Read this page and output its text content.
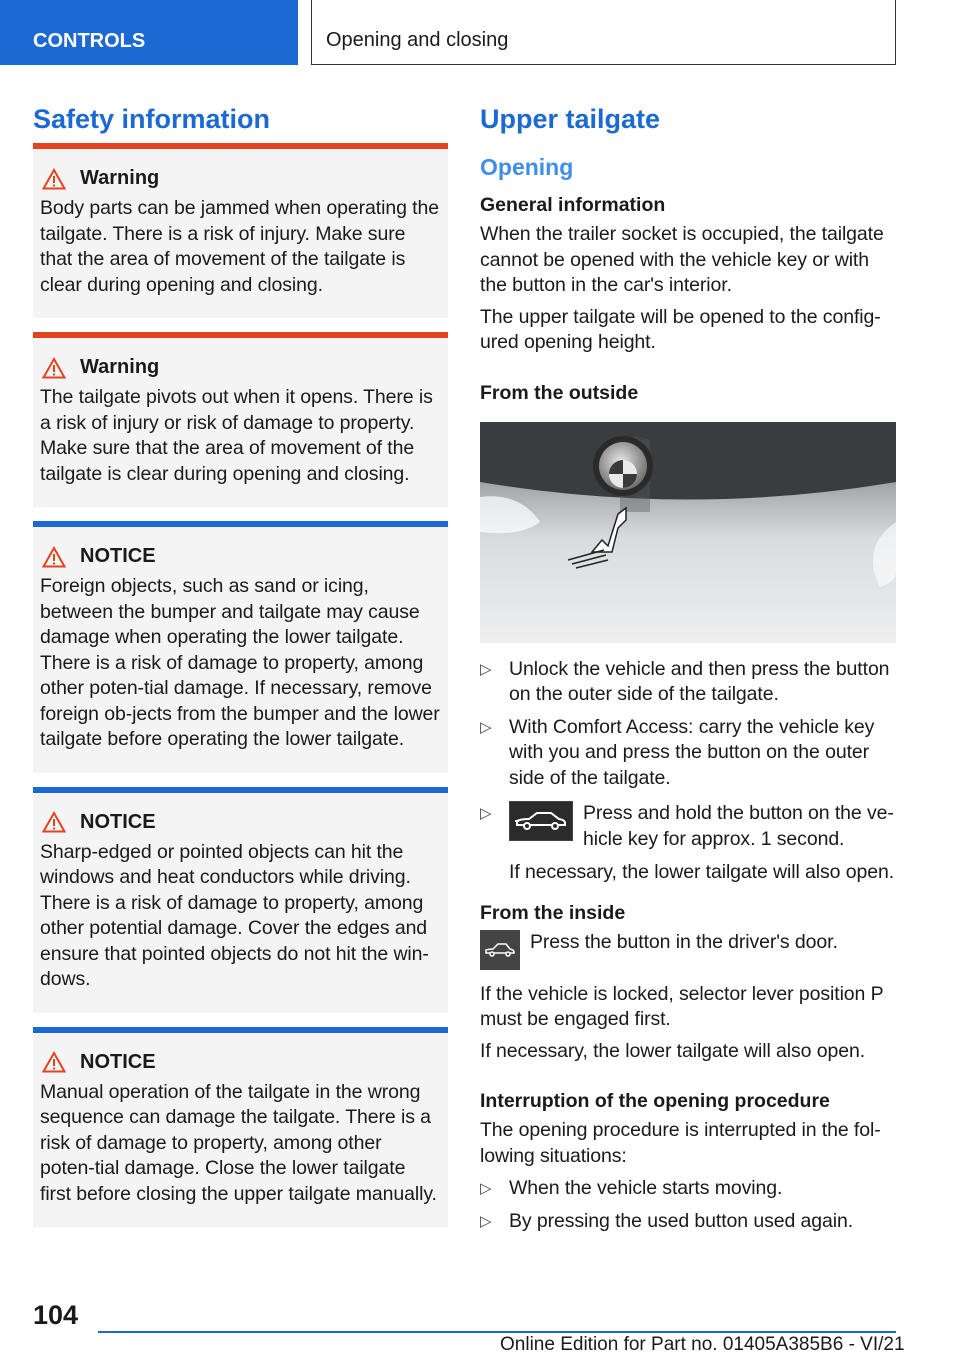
CONTROLS	Opening and closing
Safety information
Warning
Body parts can be jammed when operating the tailgate. There is a risk of injury. Make sure that the area of movement of the tailgate is clear during opening and closing.
Warning
The tailgate pivots out when it opens. There is a risk of injury or risk of damage to property. Make sure that the area of movement of the tailgate is clear during opening and closing.
NOTICE
Foreign objects, such as sand or icing, between the bumper and tailgate may cause damage when operating the lower tailgate. There is a risk of damage to property, among other poten-tial damage. If necessary, remove foreign ob-jects from the bumper and the lower tailgate before operating the lower tailgate.
NOTICE
Sharp-edged or pointed objects can hit the windows and heat conductors while driving. There is a risk of damage to property, among other potential damage. Cover the edges and ensure that pointed objects do not hit the win-dows.
NOTICE
Manual operation of the tailgate in the wrong sequence can damage the tailgate. There is a risk of damage to property, among other poten-tial damage. Close the lower tailgate first before closing the upper tailgate manually.
Upper tailgate
Opening
General information
When the trailer socket is occupied, the tailgate cannot be opened with the vehicle key or with the button in the car's interior.
The upper tailgate will be opened to the config-ured opening height.
From the outside
▷ Unlock the vehicle and then press the button on the outer side of the tailgate.
▷ With Comfort Access: carry the vehicle key with you and press the button on the outer side of the tailgate.
▷	Press and hold the button on the ve-hicle key for approx. 1 second.
If necessary, the lower tailgate will also open.
From the inside
Press the button in the driver's door.
If the vehicle is locked, selector lever position P must be engaged first.
If necessary, the lower tailgate will also open.
Interruption of the opening procedure
The opening procedure is interrupted in the fol-lowing situations:
▷ When the vehicle starts moving.
▷ By pressing the used button used again.
104
Online Edition for Part no. 01405A385B6 - VI/21
